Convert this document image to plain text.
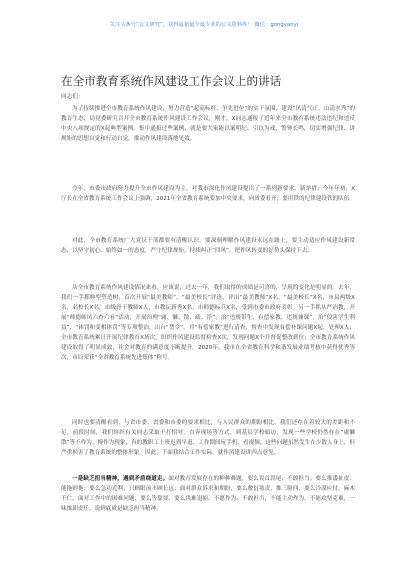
关注头条号“公文研究”，获得最新最全最专业的公文资料库！ 微信：gongyanyi
在全市教育系统作风建设工作会议上的讲话
同志们：

为了持续推进全市教育系统作风建设，努力营造“起高标杆、争先进位”的实干氛围，建设“风清气正、山清水秀”的教育生态，局党委研究召开全市教育系统作风建设工作会议，刚才，X同志通报了近年来全市教育系统违法违纪和违反中央八项规定的X起典型案例。集中通报过些案例，就是要大家能以案明纪、引以为戒、警钟长鸣，切实增强纪律、讲规矩的思想自觉和行动自觉，推动作风建设落地见效。

今年，市委市政府努力提升全市作风建设为主，对我市深化作风建设提出了一系列新要求、新举措；今年年初，X厅长在全省教育系统工作会议上强调，2021年全省教育系统要加中央要求，向省委看齐，要用铁的纪律建设铁的队伍。

对此，全市教育系统广大党员干部都要有清醒认识，要深刻理解作风建设永远在路上，要主动适应作风建设新常态，以坚守初心、始终如一的态度，严守纪律规矩，持续纠正“四风”，把作风转变的好势头保持下去。

从全市教育系统作风建设情况来看，应该说，过去一年，我们取得的成绩是可喜的，呈现的变化是明显的。去年，我们一手抓典型塑造树，首次开展“最美教师”、“最美校长”评选，评出“最美教师”X名、“最美校长”X名，市县两级X名，名校长X名，市级骨干教师X人，市教坛新秀X名，市师德标兵X名，受到市委市政府表彰。另一手抓从严治教，开展“师德师风六查六看”活动，开展治理“庸、懒、散、疏、浮”，治“违规带生、有偿家教、违规兼课”，治“侵害学生利益”、“体罚和变相体罚”等专项整治，出台“禁令”，对“有偿家教”进行清查，督查中发现有偿补课问题X起，处理X人；全市教育系统累计开展纪律教育X场次，组织作风建设监督检查X次，发现问题X个并督促整改到位；全市教育系统作风建设取得了明显成效，社会对教育的满意度不断提升。2020年，我市在全省教育科学和谐发展业绩考核中获得优秀等次，市局荣获“全省教育系统先进集体”称号。

同时也要清醒看到，与省市委、省委和市委的要求相比，与人民群众的期盼相比，我们还存在着较大的差距和不足。前段时间，我们组织有关同志采取不打招呼、直奔现场等方式，到基层学校暗访，发现一些学校仍然存在“庸懒散”等不作为、慢作为现象，有的教职工上班迟到早退、工作期间玩手机、看视频，这些问题虽然发生在少数人身上，但严重损害了教育系统的整体形象。因此，下面我结合工作实际，就作风建设讲四点意见。

一是缺乏担当精神，遇到矛盾绕道走。面对教育发展存在的种种难题，要么畏首畏尾、不敢担当；要么推诿扯皮、能拖则拖；要么急功近利、只顾眼前不顾长远；面对群众诉求和期盼，要么敷衍塞责、推三阻四，要么冷漠应付、麻木不仁。面对工作中的困难问题，要么等靠要、要么畏难退缩、不愿作为、不敢担当，不能主动作为，不能攻坚克难，一味推卸责任，说到底就是缺乏担当精神。
